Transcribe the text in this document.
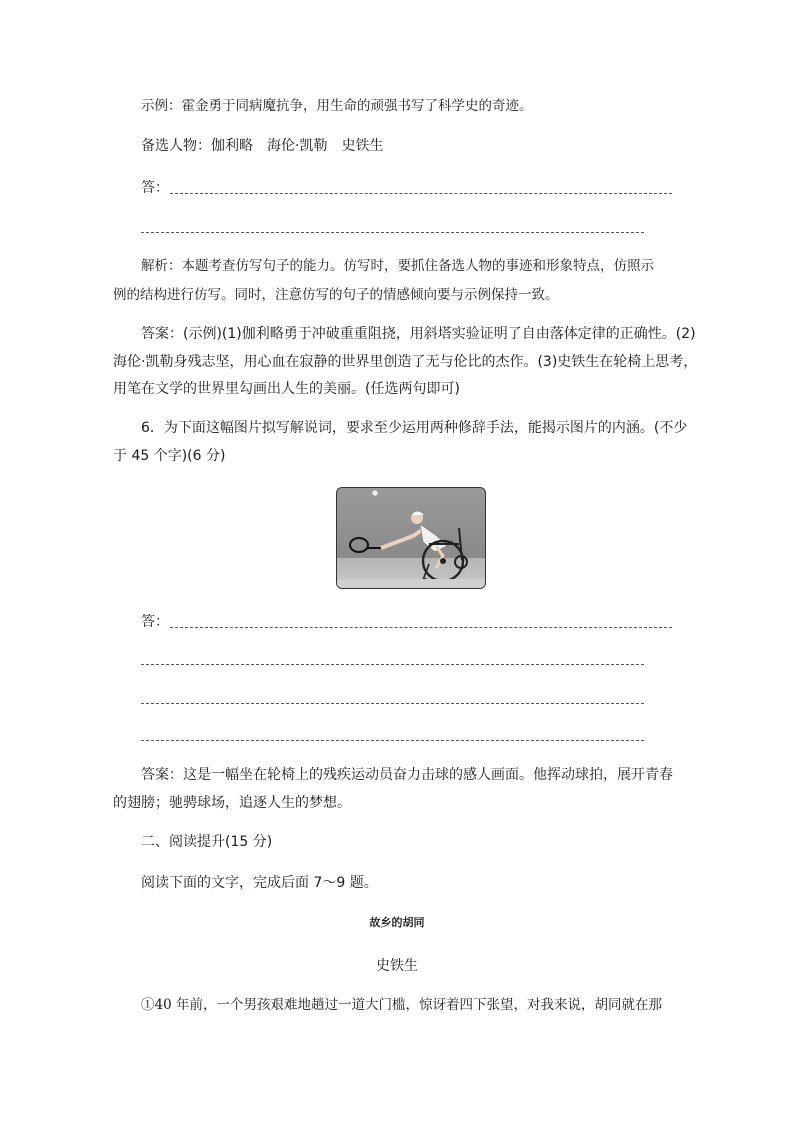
示例：霍金勇于同病魔抗争，用生命的顽强书写了科学史的奇迹。
备选人物：伽利略　海伦·凯勒　史铁生
答：
解析：本题考查仿写句子的能力。仿写时，要抓住备选人物的事迹和形象特点，仿照示
例的结构进行仿写。同时，注意仿写的句子的情感倾向要与示例保持一致。
答案：(示例)(1)伽利略勇于冲破重重阻挠，用斜塔实验证明了自由落体定律的正确性。(2)
海伦·凯勒身残志坚，用心血在寂静的世界里创造了无与伦比的杰作。(3)史铁生在轮椅上思考，
用笔在文学的世界里勾画出人生的美丽。(任选两句即可)
6．为下面这幅图片拟写解说词，要求至少运用两种修辞手法，能揭示图片的内涵。(不少
于 45 个字)(6 分)
答：
答案：这是一幅坐在轮椅上的残疾运动员奋力击球的感人画面。他挥动球拍，展开青春
的翅膀；驰骋球场，追逐人生的梦想。
二、阅读提升(15 分)
阅读下面的文字，完成后面 7～9 题。
故乡的胡同
史铁生
①40 年前，一个男孩艰难地趟过一道大门槛，惊讶着四下张望，对我来说，胡同就在那
